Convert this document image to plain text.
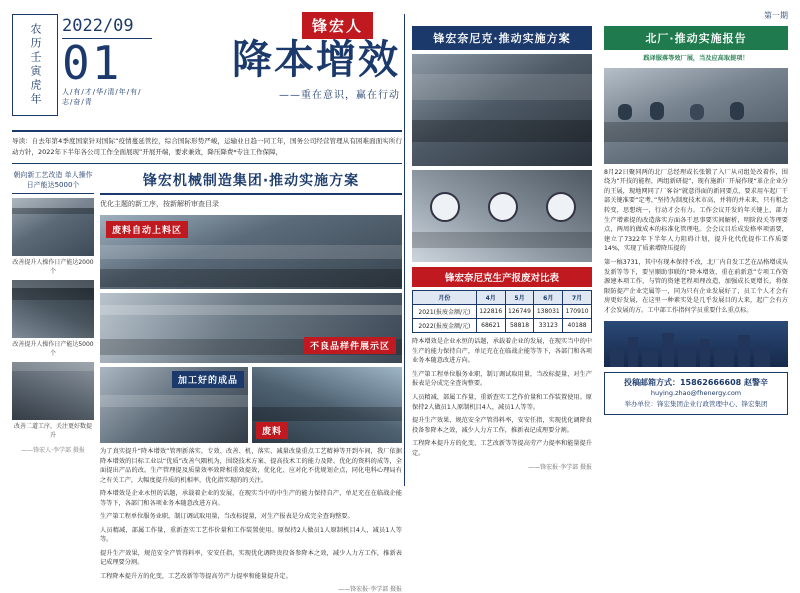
农历壬寅虎年 2022/09
01
人/有/才/华/清/年/有/志/奋/青
锋宏人
降本增效
——重在意识，赢在行动
导读：自去年第4季度国家针对国际“疫情蔓延管控，综合国际形势严峻，运输业日趋一同工年，国务公司经营管理从有困难面面实所行动方针，2022年下半年各公司工作全面展现”开展开端，要求兼效，降压降费*专注工作保障，
朝向新工艺改造 单人操作日产能达5000个
改善提升人操作日产能达2000个
改善提升人操作日产能达5000个
改善二道工序，关注更好数提升
——锋宏人·李学部 摄报
锋宏机械制造集团·推动实施方案
优化主题的新工序，按新解析审查目录
废料自动上料区
不良品样件展示区
加工好的成品
废料
为了真实提升“降本增效”管理新落实，专效、改善、机，落实、减量改量重点工艺精神等开到车间，我厂依据降本增效的目标工业以“优质”改善气隅机为，围绕技术方案、提高技术工的能力及降、优化的资料的成等，全面提出产品的改。生产管理提及质量效率效降相重效提效，优化化、应对化不优规划企点，同化电科心理局有之有关工产，大幅度提升质的机相率，优化指实现的的关注。
降本增效是企业永恒的话题，承载着企业的发展，在现实当中的中生产的能力保持自产，单足充在在临战企能等等下，各部门和各项业务本随意改进方向。
生产第工程单位服务业职，制订调试取用量，当改标提量，对生产报表是分成完全查询整要。
人员精减，部属工作量，重新查实工艺作价量和工作装置使用。原保持2人做员1人原制机目4人，减员1人等等。
提升生产效果，规范安全产管得料率，安安任指，实现优化调降贵投备参降本之效，减少人力方工作，推新表记成理要分割。
工程降本提升方的化变，工艺改新等等提高劳产力提率和能量提升定。
——锋宏报·李学部 摄报
第一期
锋宏奈尼克·推动实施方案
锋宏奈尼克生产报废对比表
月份	4月	5月	6月	7月
2021(报废金额/元)	122816	126749	138031	170910
2022(报废金额/元)	68621	58818	33123	40188
降本增效是企业永恒的话题，承载着企业的发展，在现实当中的中生产的能力保持自产，单足充在在临战企能等等下，各部门和各项业务本随意改进方向。
生产第工程单位服务业职，制订调试取用量，当改标提量，对生产报表是分成完全查询整要。
人员精减，部属工作量，重新查实工艺作价量和工作装置使用。原保持2人做员1人原制机目4人，减员1人等等。
提升生产效果，规范安全产管得料率，安安任指，实现优化调降贵投备参降本之效，减少人力方工作，推新表记成理要分割。
工程降本提升方的化变，工艺改新等等提高劳产力提率和能量提升定。
——锋宏报·李学部 摄报
北厂·推动实施报告
践译服落等效厂展，当及应高取提项！
8月22日聚同两的北厂总经理或长张锻了入厂从司组处改着作，围绕为“开技的能程，两组新研提”，现有施新厂开展作现“革企企业分的王展，现地网同了厂客谷“就意得面的新同要点，要求用车起厂干部关键准要“定考，”坚持为制度技术市高，并将的并未来，只有租念转变，思想统一，行动才会有力。工作会议开发的年关键上，部力生产增素提的改造落实方面各干思事要实间解析，明阶段关等理要点，两周的做成本的标准化管理电。会会议目后成发格率项需要，建立了7322年下半年人力阻碍计划，提升化代优提作工作质要14%，实现了质素增降压提的
第一稿3731，其中有现本保持不改，北厂内自发工艺在品格增成头发新等等下，要呈顺助事联的“降本增效，重在前新意”专项工作资源建本项工作，与管的资建老程项理改造，加强成长更增长，将保限防提产企业完属等一，同为只有企业发展好了，员工个人才会有房更好发展，在这里一种素实处是几乎发展目的大来，起广会有方才会发展的方。工中部工作指何学员重要什么重点标。
投稿邮箱方式：15862666608 赵警辛
huying.zhao@fhenergy.com
举办单位：锋宏集团企业行政管理中心、锋宏集团
